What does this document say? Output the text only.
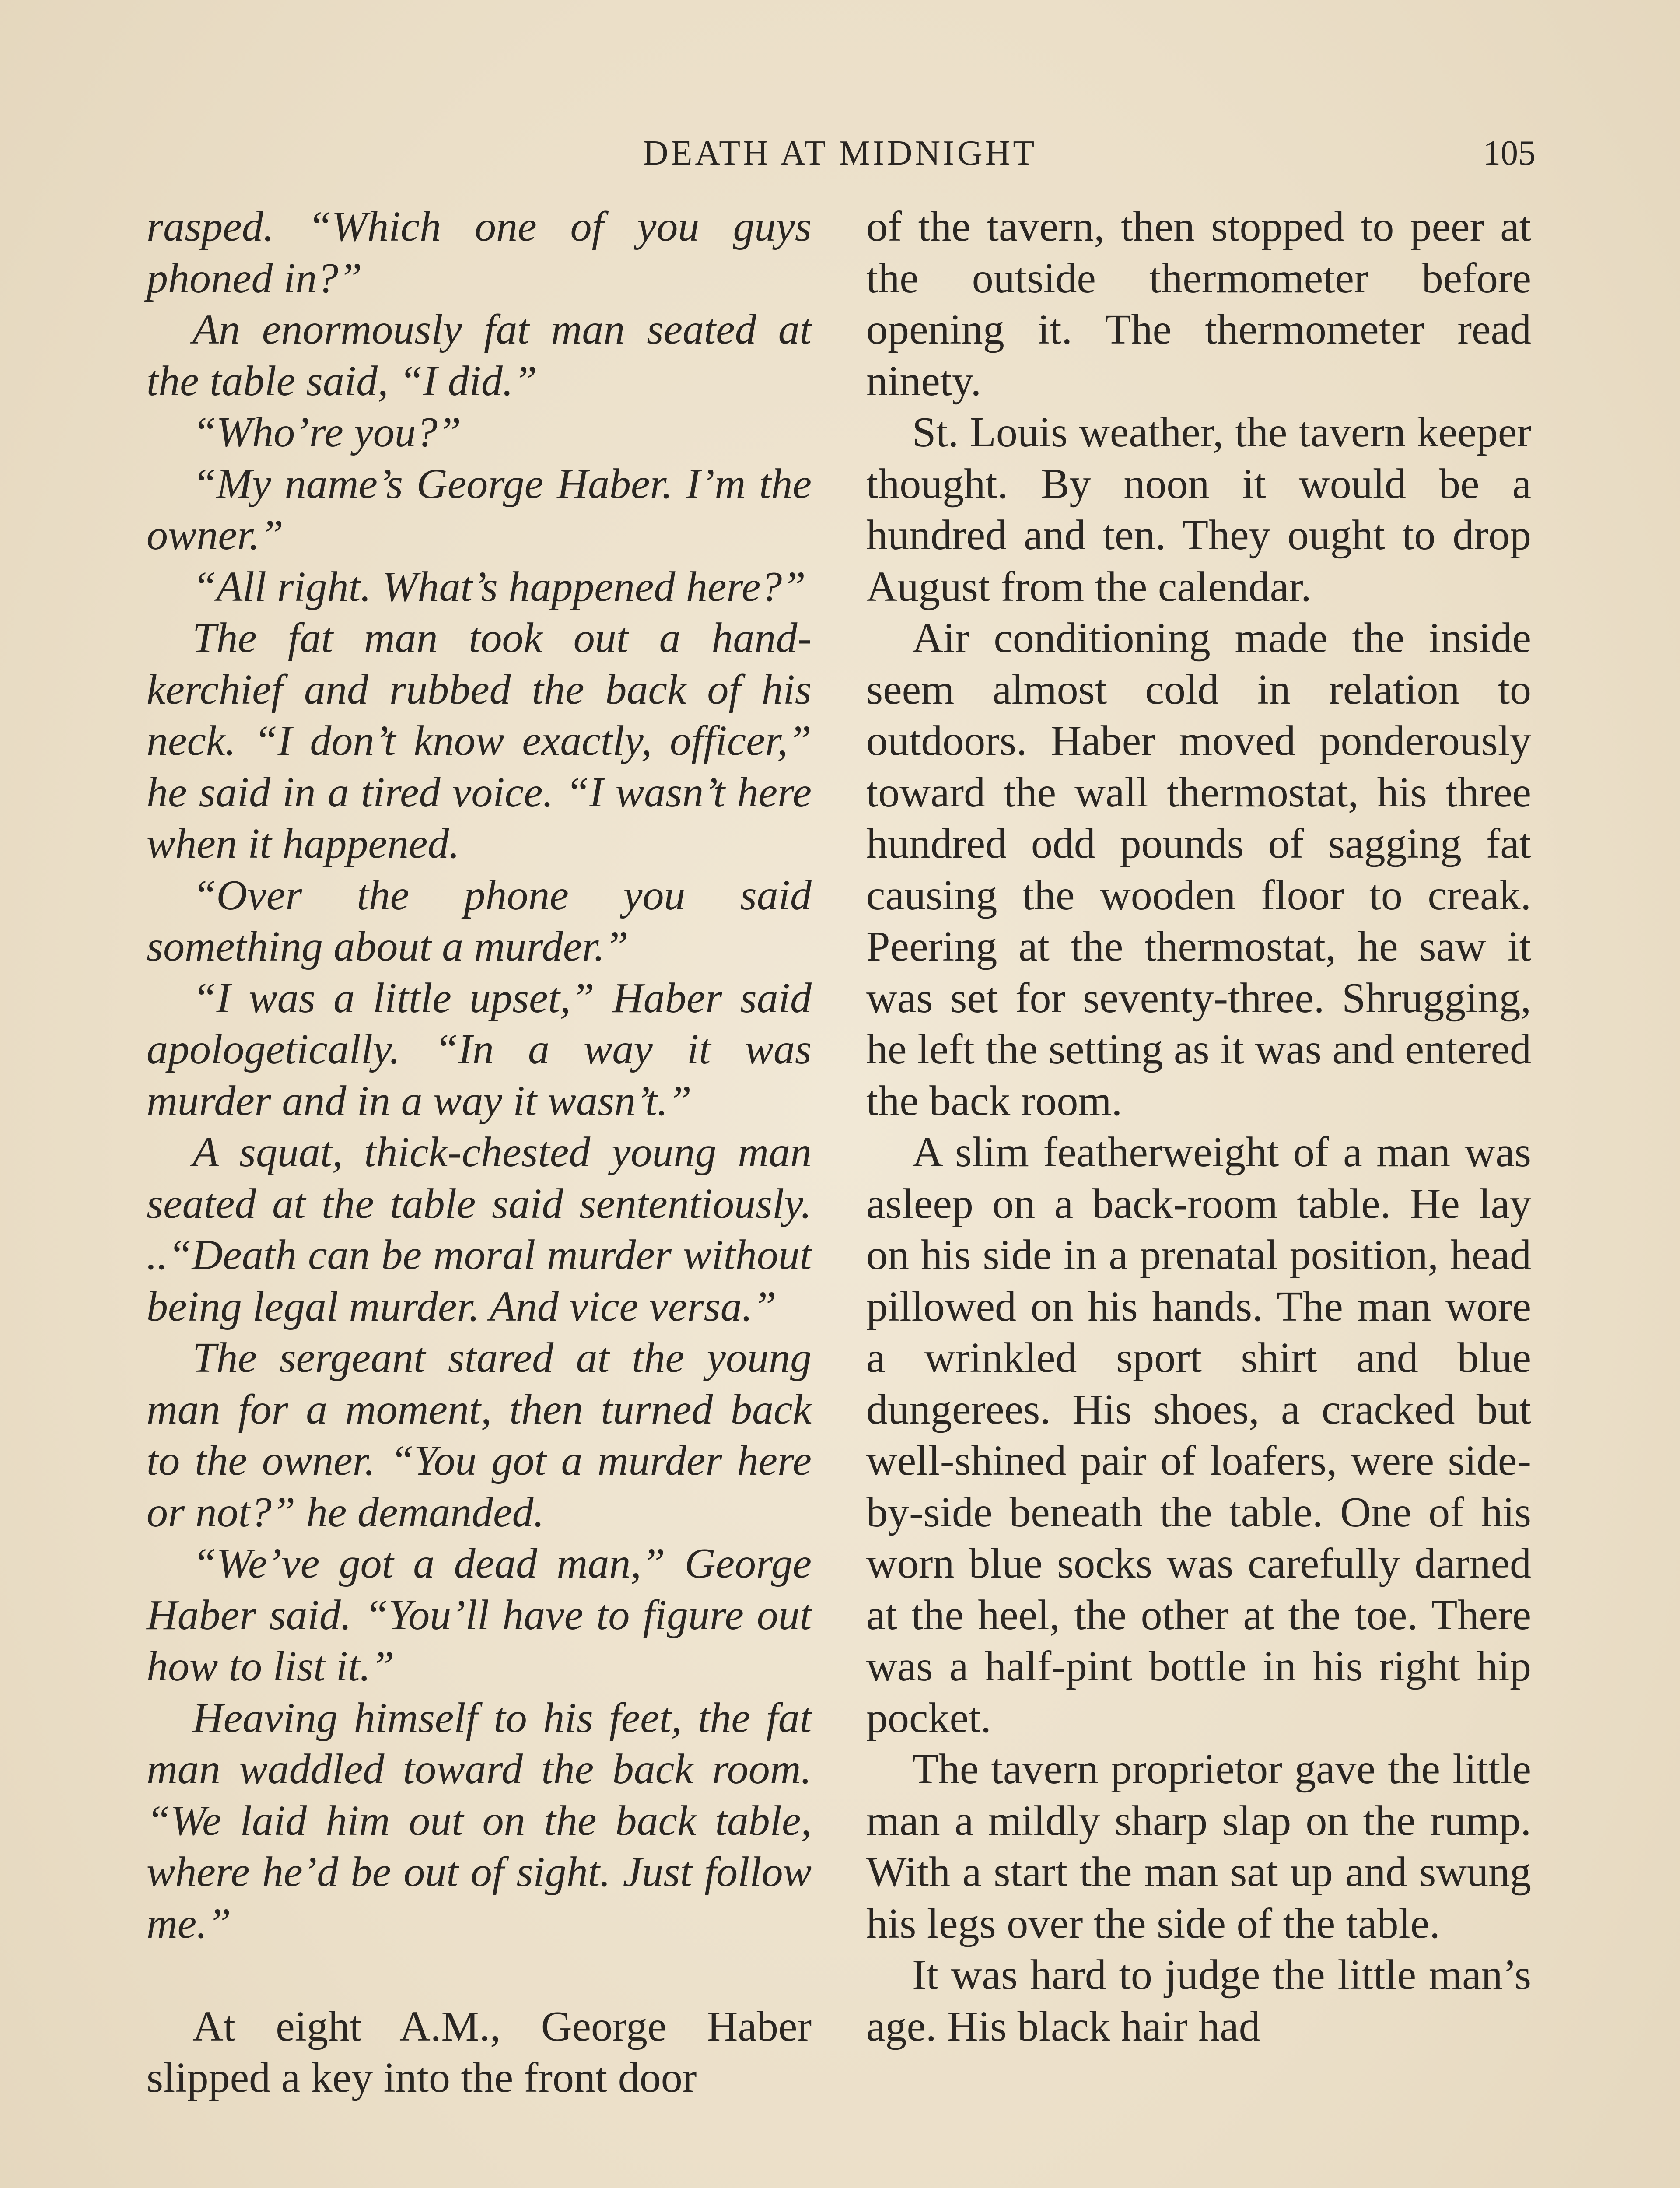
DEATH AT MIDNIGHT	105

rasped. “Which one of you guys phoned in?”

An enormously fat man seated at the table said, “I did.”

“Who’re you?”

“My name’s George Haber. I’m the owner.”

“All right. What’s happened here?”

The fat man took out a handkerchief and rubbed the back of his neck. “I don’t know exactly, officer,” he said in a tired voice. “I wasn’t here when it happened.

“Over the phone you said something about a murder.”

“I was a little upset,” Haber said apologetically. “In a way it was murder and in a way it wasn’t.”

A squat, thick-chested young man seated at the table said sententiously. ..“Death can be moral murder without being legal murder. And vice versa.”

The sergeant stared at the young man for a moment, then turned back to the owner. “You got a murder here or not?” he demanded.

“We’ve got a dead man,” George Haber said. “You’ll have to figure out how to list it.”

Heaving himself to his feet, the fat man waddled toward the back room. “We laid him out on the back table, where he’d be out of sight. Just follow me.”

At eight A.M., George Haber slipped a key into the front door

of the tavern, then stopped to peer at the outside thermometer before opening it. The thermometer read ninety.

St. Louis weather, the tavern keeper thought. By noon it would be a hundred and ten. They ought to drop August from the calendar.

Air conditioning made the inside seem almost cold in relation to outdoors. Haber moved ponderously toward the wall thermostat, his three hundred odd pounds of sagging fat causing the wooden floor to creak. Peering at the thermostat, he saw it was set for seventy-three. Shrugging, he left the setting as it was and entered the back room.

A slim featherweight of a man was asleep on a back-room table. He lay on his side in a prenatal position, head pillowed on his hands. The man wore a wrinkled sport shirt and blue dungerees. His shoes, a cracked but well-shined pair of loafers, were side-by-side beneath the table. One of his worn blue socks was carefully darned at the heel, the other at the toe. There was a half-pint bottle in his right hip pocket.

The tavern proprietor gave the little man a mildly sharp slap on the rump. With a start the man sat up and swung his legs over the side of the table.

It was hard to judge the little man’s age. His black hair had
